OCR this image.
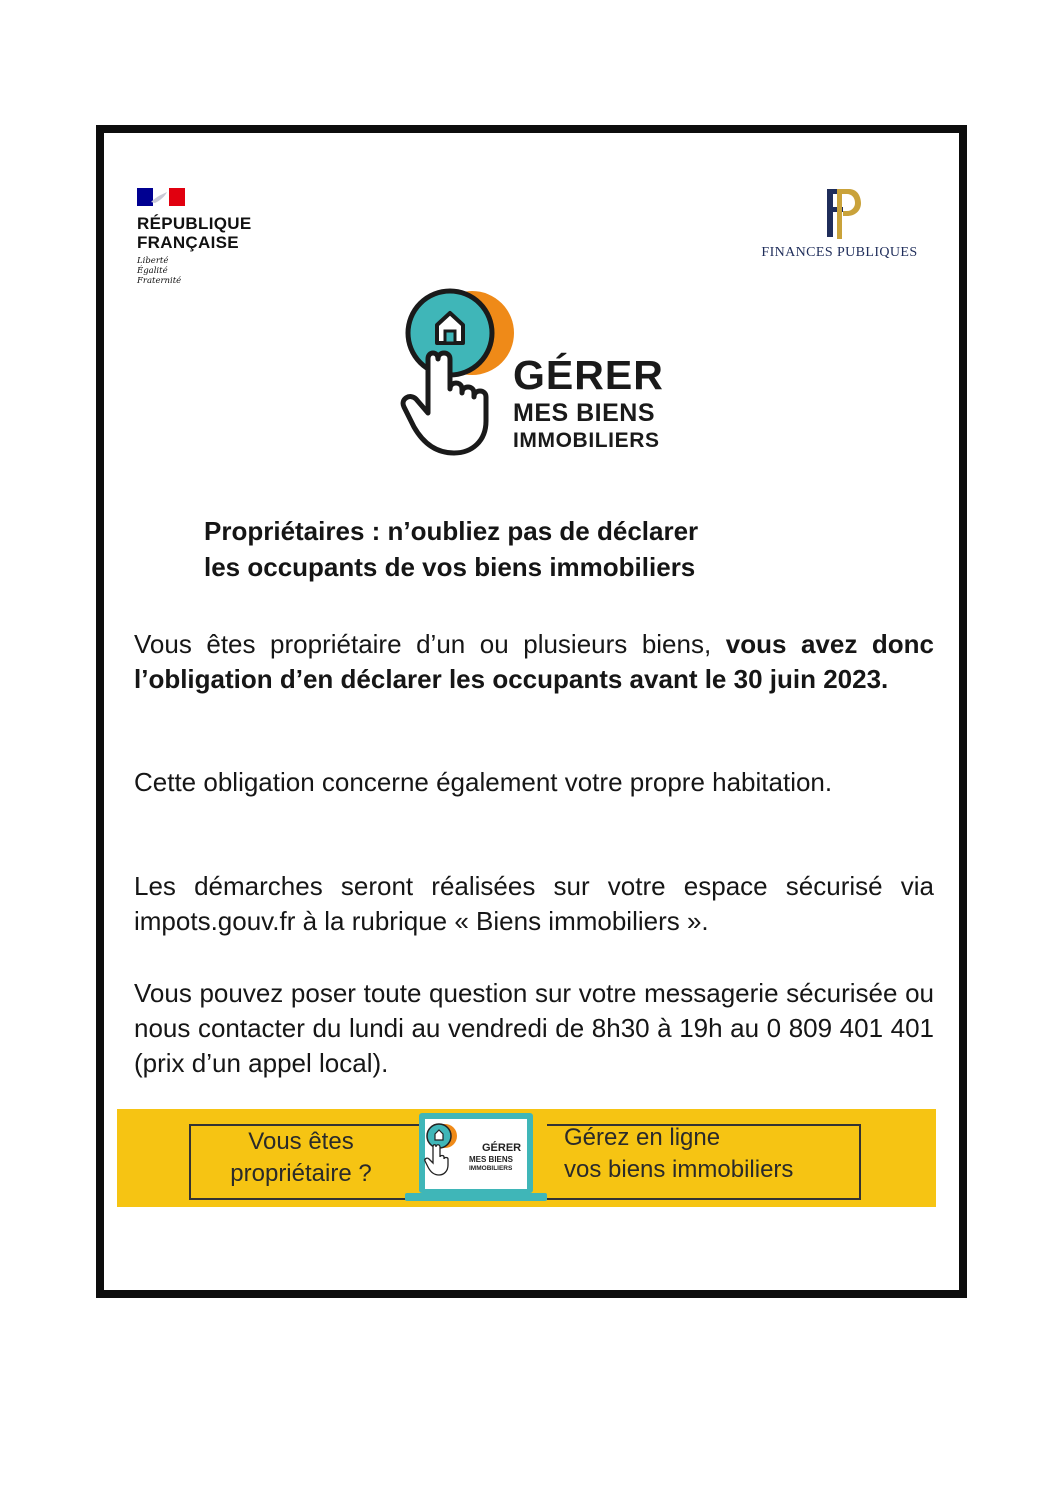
RÉPUBLIQUE
FRANÇAISE
Liberté
Égalité
Fraternité
FINANCES PUBLIQUES
GÉRER
MES BIENS
IMMOBILIERS
Propriétaires : n’oubliez pas de déclarer
les occupants de vos biens immobiliers
Vous êtes propriétaire d’un ou plusieurs biens, vous avez donc l’obligation d’en déclarer les occupants avant le 30 juin 2023.
Cette obligation concerne également votre propre habitation.
Les démarches seront réalisées sur votre espace sécurisé via impots.gouv.fr à la rubrique « Biens immobiliers ».
Vous pouvez poser toute question sur votre messagerie sécurisée ou nous contacter du lundi au vendredi de 8h30 à 19h au 0 809 401 401 (prix d’un appel local).
Vous êtes
propriétaire ?
Gérez en ligne
vos biens immobiliers
GÉRER
MES BIENS
IMMOBILIERS
